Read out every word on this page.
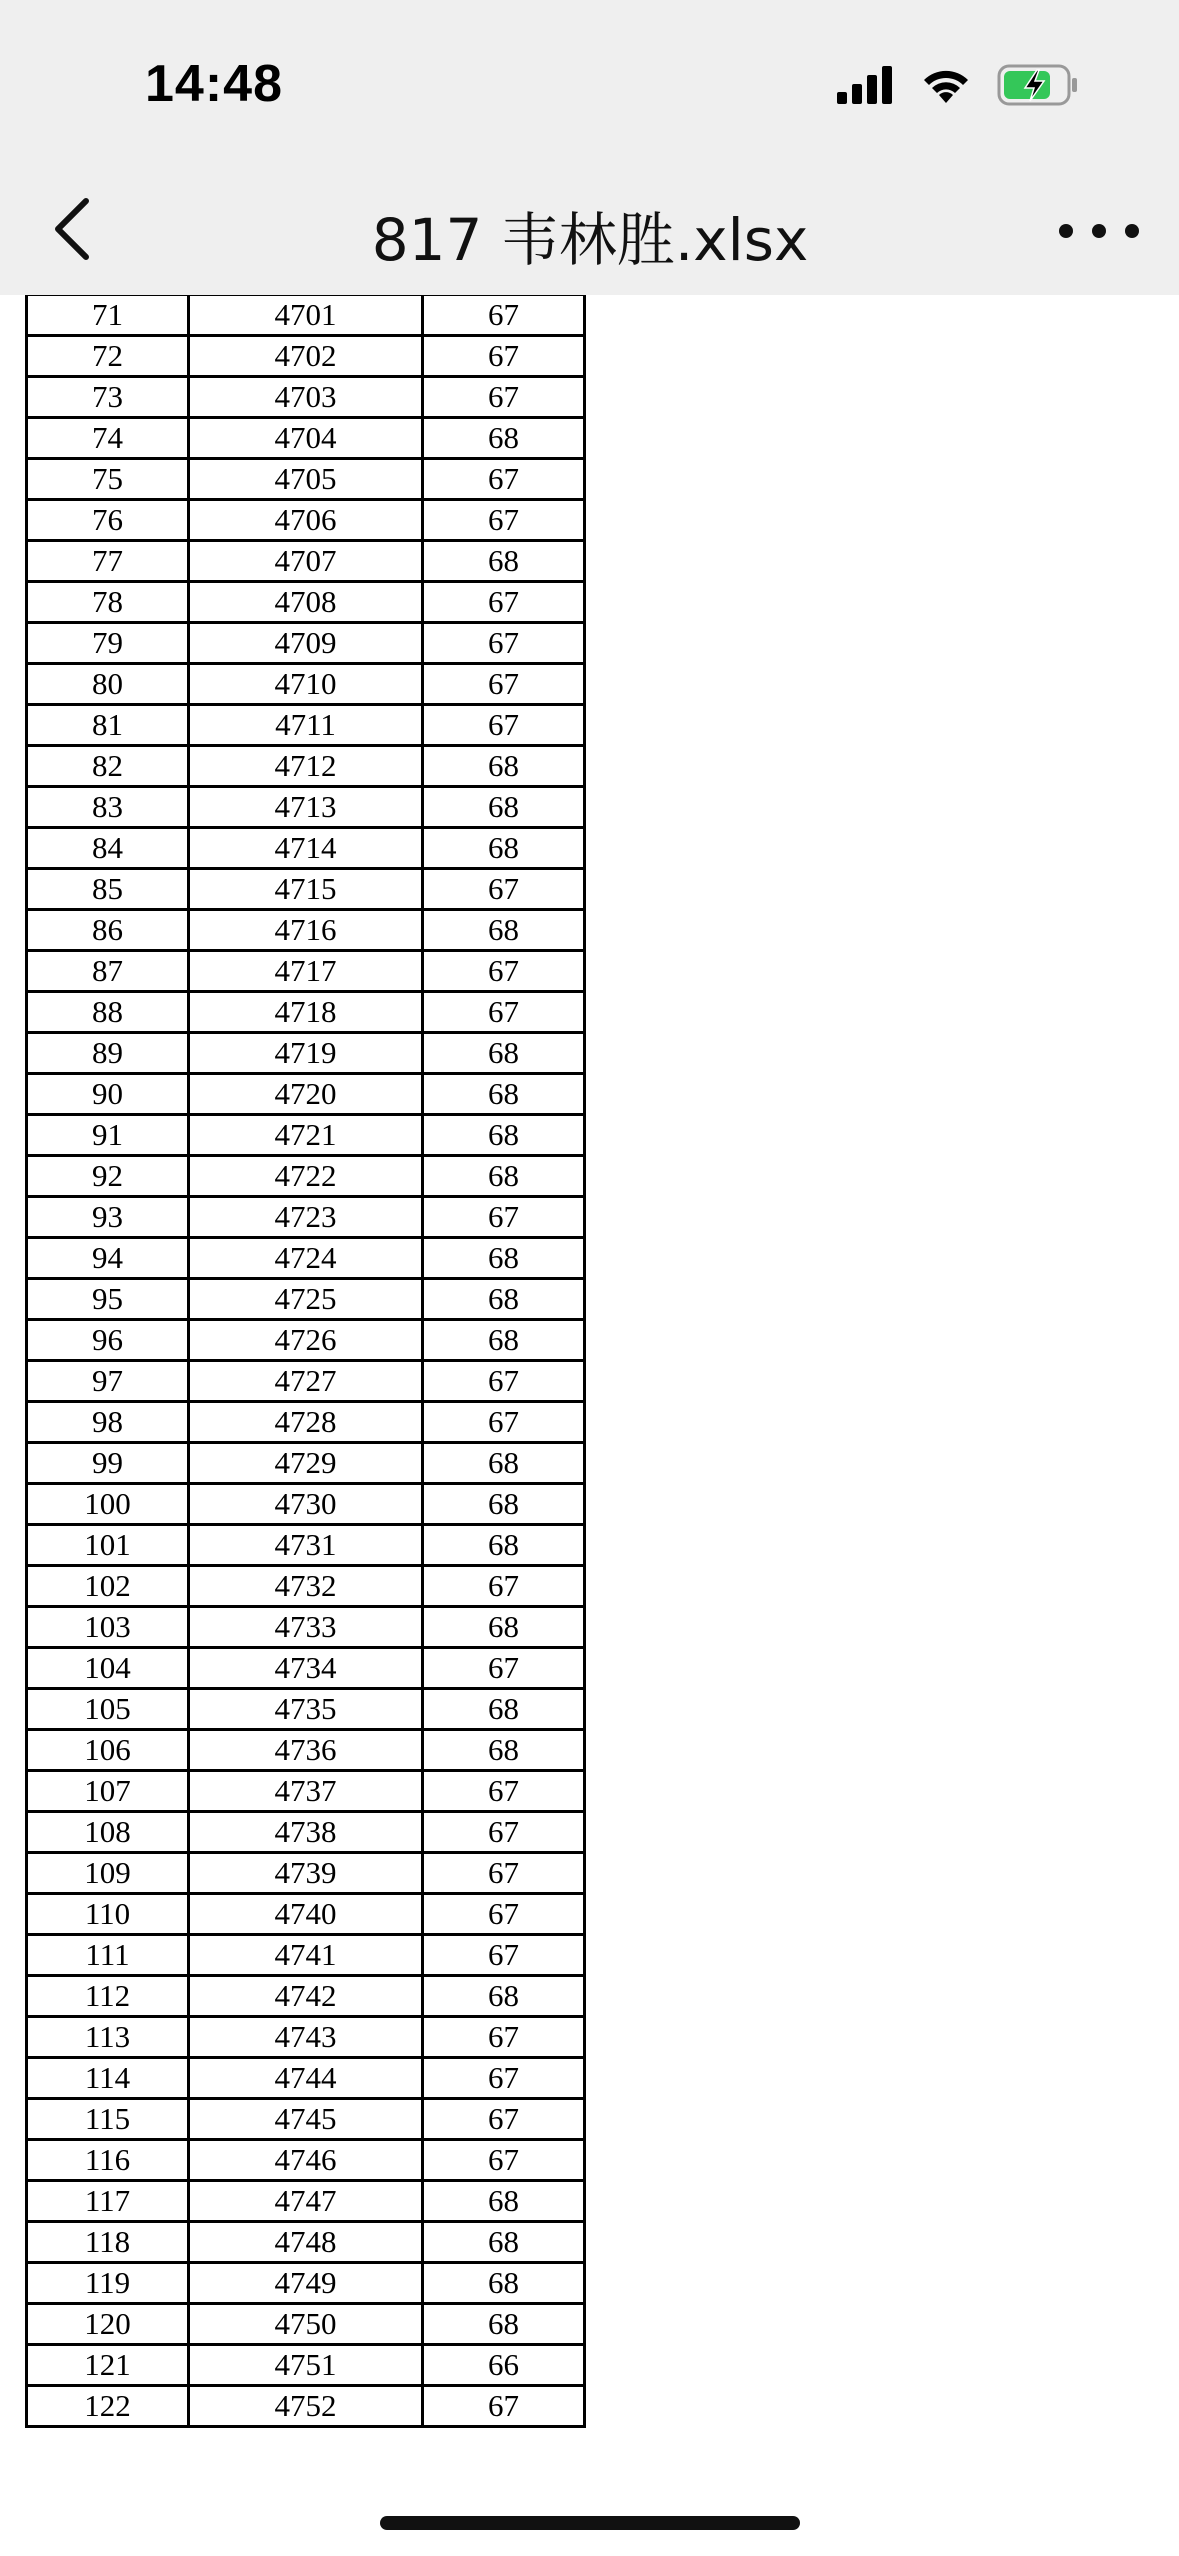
14:48
817 韦林胜.xlsx
71	4701	67
72	4702	67
73	4703	67
74	4704	68
75	4705	67
76	4706	67
77	4707	68
78	4708	67
79	4709	67
80	4710	67
81	4711	67
82	4712	68
83	4713	68
84	4714	68
85	4715	67
86	4716	68
87	4717	67
88	4718	67
89	4719	68
90	4720	68
91	4721	68
92	4722	68
93	4723	67
94	4724	68
95	4725	68
96	4726	68
97	4727	67
98	4728	67
99	4729	68
100	4730	68
101	4731	68
102	4732	67
103	4733	68
104	4734	67
105	4735	68
106	4736	68
107	4737	67
108	4738	67
109	4739	67
110	4740	67
111	4741	67
112	4742	68
113	4743	67
114	4744	67
115	4745	67
116	4746	67
117	4747	68
118	4748	68
119	4749	68
120	4750	68
121	4751	66
122	4752	67
